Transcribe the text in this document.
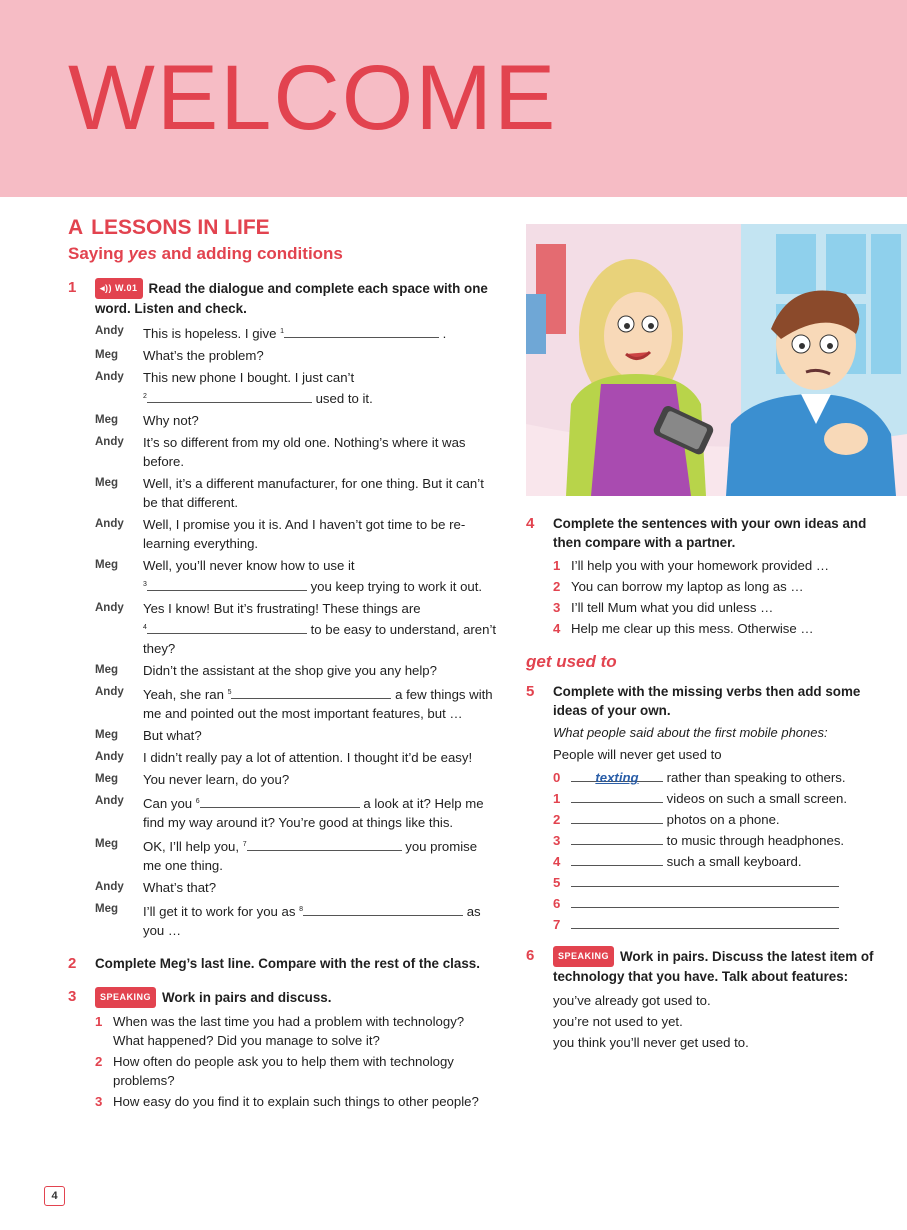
WELCOME
A LESSONS IN LIFE
Saying yes and adding conditions
1	◂)) W.01 Read the dialogue and complete each space with one word. Listen and check.
Andy	This is hopeless. I give $^1$	.
Meg	What’s the problem?
Andy	This new phone I bought. I just can’t
$^2$	used to it.
Meg	Why not?
Andy	It’s so different from my old one. Nothing’s where it was before.
Meg	Well, it’s a different manufacturer, for one thing. But it can’t be that different.
Andy	Well, I promise you it is. And I haven’t got time to be re-learning everything.
Meg	Well, you’ll never know how to use it
$^3$	you keep trying to work it out.
Andy	Yes I know! But it’s frustrating! These things are
$^4$	to be easy to understand, aren’t they?
Meg	Didn’t the assistant at the shop give you any help?
Andy	Yeah, she ran $^5$	a few things with me and pointed out the most important features, but …
Meg	But what?
Andy	I didn’t really pay a lot of attention. I thought it’d be easy!
Meg	You never learn, do you?
Andy	Can you $^6$	a look at it? Help me find my way around it? You’re good at things like this.
Meg	OK, I’ll help you, $^7$	you promise me one thing.
Andy	What’s that?
Meg	I’ll get it to work for you as $^8$	as you …
2 Complete Meg’s last line. Compare with the rest of the class.
3	SPEAKING Work in pairs and discuss.
1 When was the last time you had a problem with technology? What happened? Did you manage to solve it?
2 How often do people ask you to help them with technology problems?
3 How easy do you find it to explain such things to other people?
4 Complete the sentences with your own ideas and then compare with a partner.
1 I’ll help you with your homework provided …
2 You can borrow my laptop as long as …
3 I’ll tell Mum what you did unless …
4 Help me clear up this mess. Otherwise …
get used to
5 Complete with the missing verbs then add some ideas of your own.
What people said about the first mobile phones:
People will never get used to
0	texting rather than speaking to others.
1	videos on such a small screen.
2	photos on a phone.
3	to music through headphones.
4	such a small keyboard.
5
6
7
6	SPEAKING Work in pairs. Discuss the latest item of technology that you have. Talk about features:
you’ve already got used to.
you’re not used to yet.
you think you’ll never get used to.
4
